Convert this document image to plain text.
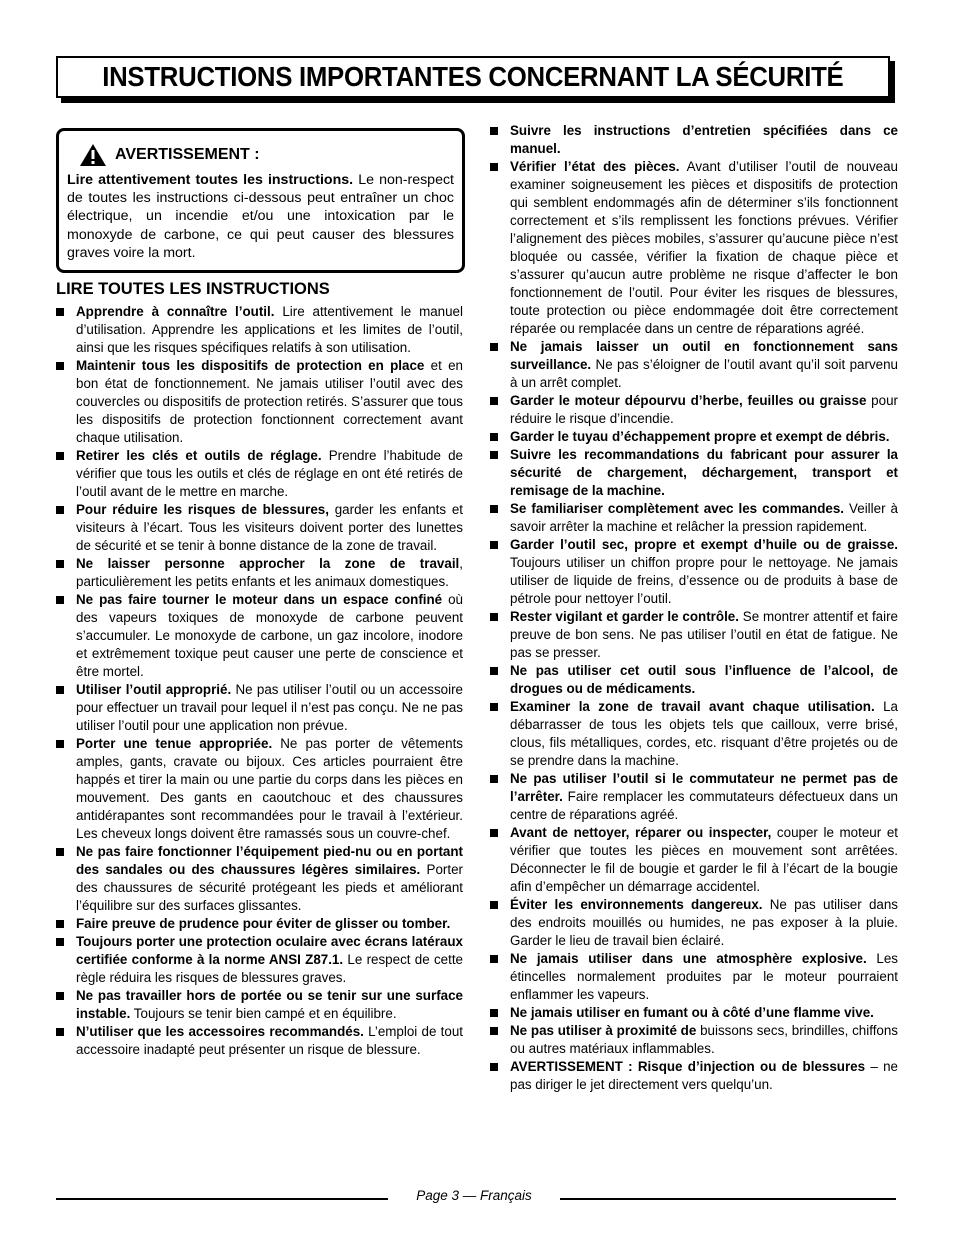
INSTRUCTIONS IMPORTANTES CONCERNANT LA SÉCURITÉ
AVERTISSEMENT :
Lire attentivement toutes les instructions. Le non-respect de toutes les instructions ci-dessous peut entraîner un choc électrique, un incendie et/ou une intoxication par le monoxyde de carbone, ce qui peut causer des blessures graves voire la mort.
LIRE TOUTES LES INSTRUCTIONS
Apprendre à connaître l’outil. Lire attentivement le manuel d’utilisation. Apprendre les applications et les limites de l’outil, ainsi que les risques spécifiques relatifs à son utilisation.
Maintenir tous les dispositifs de protection en place et en bon état de fonctionnement. Ne jamais utiliser l’outil avec des couvercles ou dispositifs de protection retirés. S’assurer que tous les dispositifs de protection fonctionnent correctement avant chaque utilisation.
Retirer les clés et outils de réglage. Prendre l’habitude de vérifier que tous les outils et clés de réglage en ont été retirés de l’outil avant de le mettre en marche.
Pour réduire les risques de blessures, garder les enfants et visiteurs à l’écart. Tous les visiteurs doivent porter des lunettes de sécurité et se tenir à bonne distance de la zone de travail.
Ne laisser personne approcher la zone de travail, particulièrement les petits enfants et les animaux domestiques.
Ne pas faire tourner le moteur dans un espace confiné où des vapeurs toxiques de monoxyde de carbone peuvent s’accumuler. Le monoxyde de carbone, un gaz incolore, inodore et extrêmement toxique peut causer une perte de conscience et être mortel.
Utiliser l’outil approprié. Ne pas utiliser l’outil ou un accessoire pour effectuer un travail pour lequel il n’est pas conçu. Ne ne pas utiliser l’outil pour une application non prévue.
Porter une tenue appropriée. Ne pas porter de vêtements amples, gants, cravate ou bijoux. Ces articles pourraient être happés et tirer la main ou une partie du corps dans les pièces en mouvement. Des gants en caoutchouc et des chaussures antidérapantes sont recommandées pour le travail à l’extérieur. Les cheveux longs doivent être ramassés sous un couvre-chef.
Ne pas faire fonctionner l’équipement pied-nu ou en portant des sandales ou des chaussures légères similaires. Porter des chaussures de sécurité protégeant les pieds et améliorant l’équilibre sur des surfaces glissantes.
Faire preuve de prudence pour éviter de glisser ou tomber.
Toujours porter une protection oculaire avec écrans latéraux certifiée conforme à la norme ANSI Z87.1. Le respect de cette règle réduira les risques de blessures graves.
Ne pas travailler hors de portée ou se tenir sur une surface instable. Toujours se tenir bien campé et en équilibre.
N’utiliser que les accessoires recommandés. L’emploi de tout accessoire inadapté peut présenter un risque de blessure.
Suivre les instructions d’entretien spécifiées dans ce manuel.
Vérifier l’état des pièces. Avant d’utiliser l’outil de nouveau examiner soigneusement les pièces et dispositifs de protection qui semblent endommagés afin de déterminer s’ils fonctionnent correctement et s’ils remplissent les fonctions prévues. Vérifier l’alignement des pièces mobiles, s’assurer qu’aucune pièce n’est bloquée ou cassée, vérifier la fixation de chaque pièce et s’assurer qu’aucun autre problème ne risque d’affecter le bon fonctionnement de l’outil. Pour éviter les risques de blessures, toute protection ou pièce endommagée doit être correctement réparée ou remplacée dans un centre de réparations agréé.
Ne jamais laisser un outil en fonctionnement sans surveillance. Ne pas s’éloigner de l’outil avant qu’il soit parvenu à un arrêt complet.
Garder le moteur dépourvu d’herbe, feuilles ou graisse pour réduire le risque d’incendie.
Garder le tuyau d’échappement propre et exempt de débris.
Suivre les recommandations du fabricant pour assurer la sécurité de chargement, déchargement, transport et remisage de la machine.
Se familiariser complètement avec les commandes. Veiller à savoir arrêter la machine et relâcher la pression rapidement.
Garder l’outil sec, propre et exempt d’huile ou de graisse. Toujours utiliser un chiffon propre pour le nettoyage. Ne jamais utiliser de liquide de freins, d’essence ou de produits à base de pétrole pour nettoyer l’outil.
Rester vigilant et garder le contrôle. Se montrer attentif et faire preuve de bon sens. Ne pas utiliser l’outil en état de fatigue. Ne pas se presser.
Ne pas utiliser cet outil sous l’influence de l’alcool, de drogues ou de médicaments.
Examiner la zone de travail avant chaque utilisation. La débarrasser de tous les objets tels que cailloux, verre brisé, clous, fils métalliques, cordes, etc. risquant d’être projetés ou de se prendre dans la machine.
Ne pas utiliser l’outil si le commutateur ne permet pas de l’arrêter. Faire remplacer les commutateurs défectueux dans un centre de réparations agréé.
Avant de nettoyer, réparer ou inspecter, couper le moteur et vérifier que toutes les pièces en mouvement sont arrêtées. Déconnecter le fil de bougie et garder le fil à l’écart de la bougie afin d’empêcher un démarrage accidentel.
Éviter les environnements dangereux. Ne pas utiliser dans des endroits mouillés ou humides, ne pas exposer à la pluie. Garder le lieu de travail bien éclairé.
Ne jamais utiliser dans une atmosphère explosive. Les étincelles normalement produites par le moteur pourraient enflammer les vapeurs.
Ne jamais utiliser en fumant ou à côté d’une flamme vive.
Ne pas utiliser à proximité de buissons secs, brindilles, chiffons ou autres matériaux inflammables.
AVERTISSEMENT : Risque d’injection ou de blessures – ne pas diriger le jet directement vers quelqu’un.
Page 3 — Français
